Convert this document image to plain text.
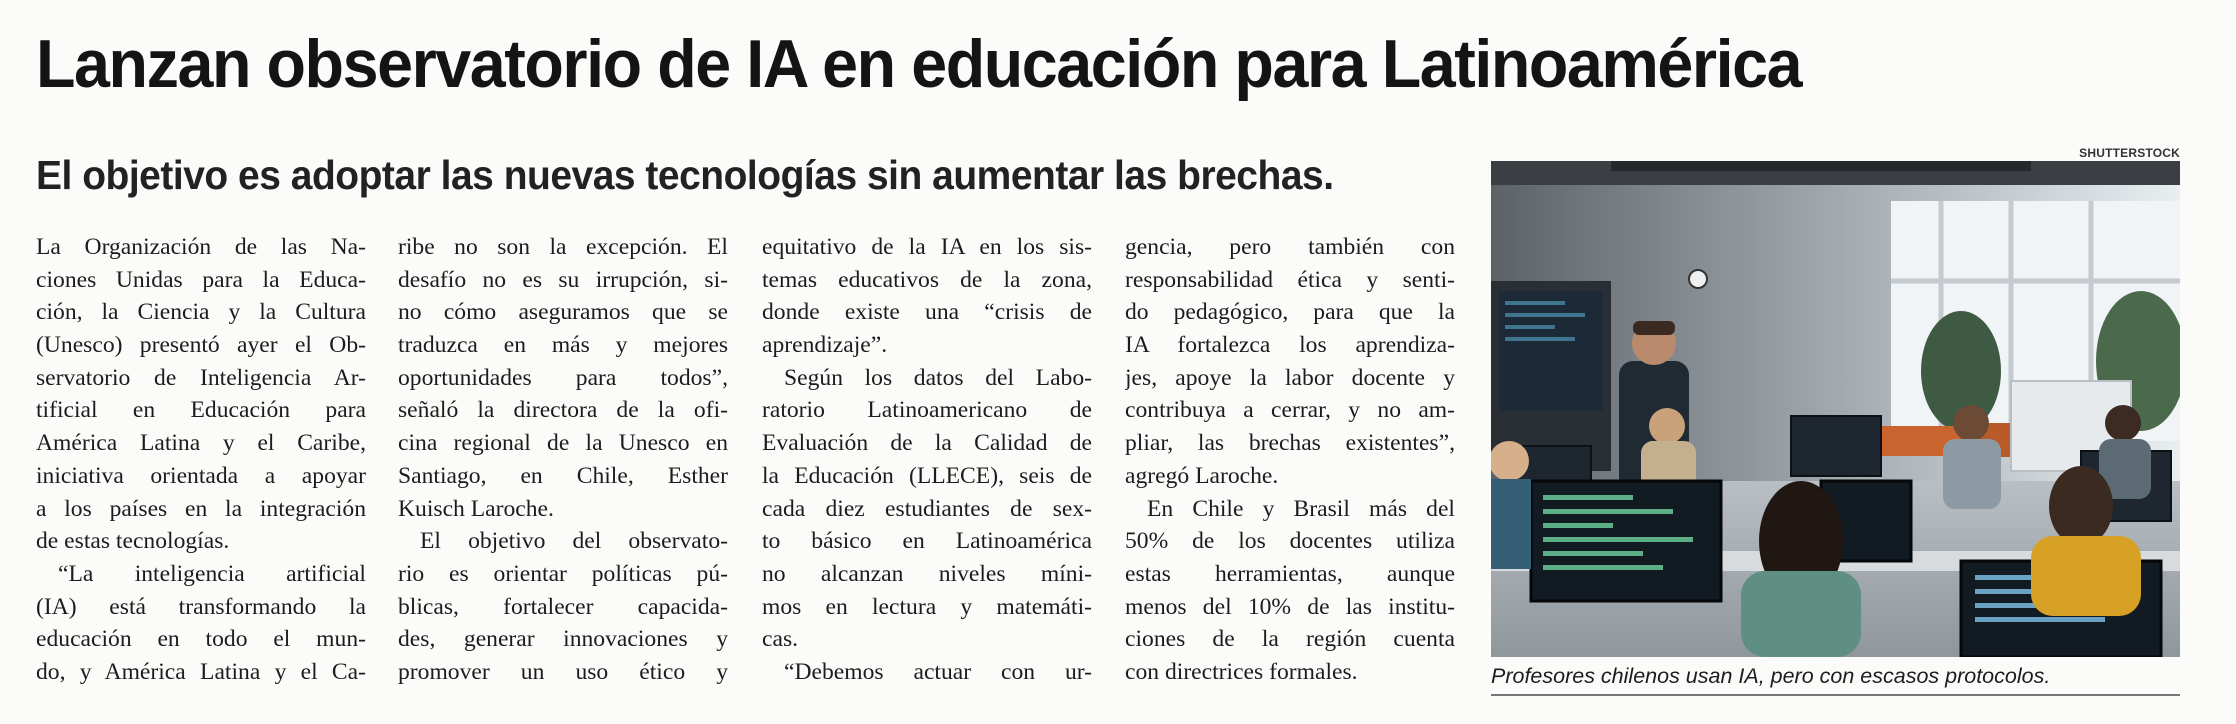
Lanzan observatorio de IA en educación para Latinoamérica
El objetivo es adoptar las nuevas tecnologías sin aumentar las brechas.
La Organización de las Na-
ciones Unidas para la Educa-
ción, la Ciencia y la Cultura
(Unesco) presentó ayer el Ob-
servatorio de Inteligencia Ar-
tificial en Educación para
América Latina y el Caribe,
iniciativa orientada a apoyar
a los países en la integración
de estas tecnologías.
“La inteligencia artificial
(IA) está transformando la
educación en todo el mun-
do, y América Latina y el Ca-
ribe no son la excepción. El
desafío no es su irrupción, si-
no cómo aseguramos que se
traduzca en más y mejores
oportunidades para todos”,
señaló la directora de la ofi-
cina regional de la Unesco en
Santiago, en Chile, Esther
Kuisch Laroche.
El objetivo del observato-
rio es orientar políticas pú-
blicas, fortalecer capacida-
des, generar innovaciones y
promover un uso ético y
equitativo de la IA en los sis-
temas educativos de la zona,
donde existe una “crisis de
aprendizaje”.
Según los datos del Labo-
ratorio Latinoamericano de
Evaluación de la Calidad de
la Educación (LLECE), seis de
cada diez estudiantes de sex-
to básico en Latinoamérica
no alcanzan niveles míni-
mos en lectura y matemáti-
cas.
“Debemos actuar con ur-
gencia, pero también con
responsabilidad ética y senti-
do pedagógico, para que la
IA fortalezca los aprendiza-
jes, apoye la labor docente y
contribuya a cerrar, y no am-
pliar, las brechas existentes”,
agregó Laroche.
En Chile y Brasil más del
50% de los docentes utiliza
estas herramientas, aunque
menos del 10% de las institu-
ciones de la región cuenta
con directrices formales.
SHUTTERSTOCK
Profesores chilenos usan IA, pero con escasos protocolos.
